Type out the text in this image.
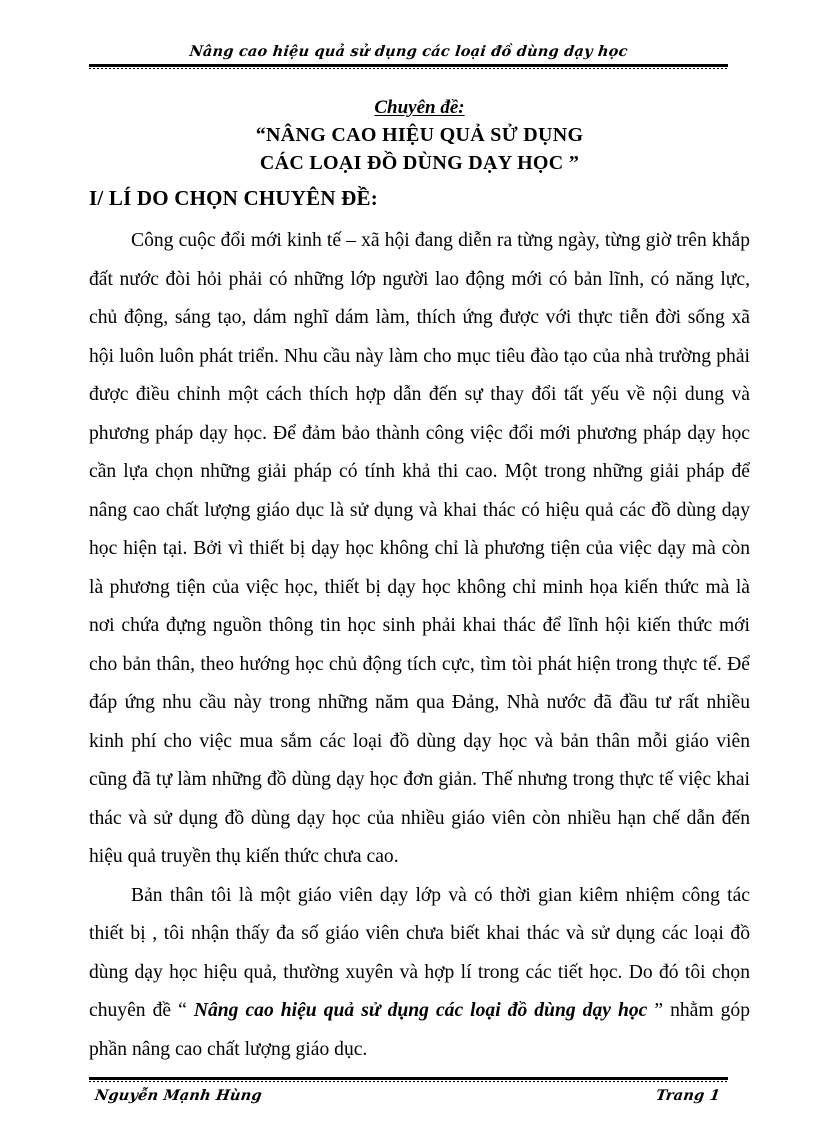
Nâng cao hiệu quả sử dụng các loại đồ dùng dạy học
Chuyên đề:
“NÂNG CAO HIỆU QUẢ SỬ DỤNG
CÁC LOẠI ĐỒ DÙNG DẠY HỌC ”
I/ LÍ DO CHỌN CHUYÊN ĐỀ:

Công cuộc đổi mới kinh tế – xã hội đang diễn ra từng ngày, từng giờ trên khắp đất nước đòi hỏi phải có những lớp người lao động mới có bản lĩnh, có năng lực, chủ động, sáng tạo, dám nghĩ dám làm, thích ứng được với thực tiễn đời sống xã hội luôn luôn phát triển. Nhu cầu này làm cho mục tiêu đào tạo của nhà trường phải được điều chỉnh một cách thích hợp dẫn đến sự thay đổi tất yếu về nội dung và phương pháp dạy học. Để đảm bảo thành công việc đổi mới phương pháp dạy học cần lựa chọn những giải pháp có tính khả thi cao. Một trong những giải pháp để nâng cao chất lượng giáo dục là sử dụng và khai thác có hiệu quả các đồ dùng dạy học hiện tại. Bởi vì thiết bị dạy học không chỉ là phương tiện của việc dạy mà còn là phương tiện của việc học, thiết bị dạy học không chỉ minh họa kiến thức mà là nơi chứa đựng nguồn thông tin học sinh phải khai thác để lĩnh hội kiến thức mới cho bản thân, theo hướng học chủ động tích cực, tìm tòi phát hiện trong thực tế. Để đáp ứng nhu cầu này trong những năm qua Đảng, Nhà nước đã đầu tư rất nhiều kinh phí cho việc mua sắm các loại đồ dùng dạy học và bản thân mỗi giáo viên cũng đã tự làm những đồ dùng dạy học đơn giản. Thế nhưng trong thực tế việc khai thác và sử dụng đồ dùng dạy học của nhiều giáo viên còn nhiều hạn chế dẫn đến hiệu quả truyền thụ kiến thức chưa cao.

Bản thân tôi là một giáo viên dạy lớp và có thời gian kiêm nhiệm công tác thiết bị , tôi nhận thấy đa số giáo viên chưa biết khai thác và sử dụng các loại đồ dùng dạy học hiệu quả, thường xuyên và hợp lí trong các tiết học. Do đó tôi chọn chuyên đề “ Nâng cao hiệu quả sử dụng các loại đồ dùng dạy học ” nhằm góp phần nâng cao chất lượng giáo dục.

Nguyễn Mạnh Hùng	Trang 1
